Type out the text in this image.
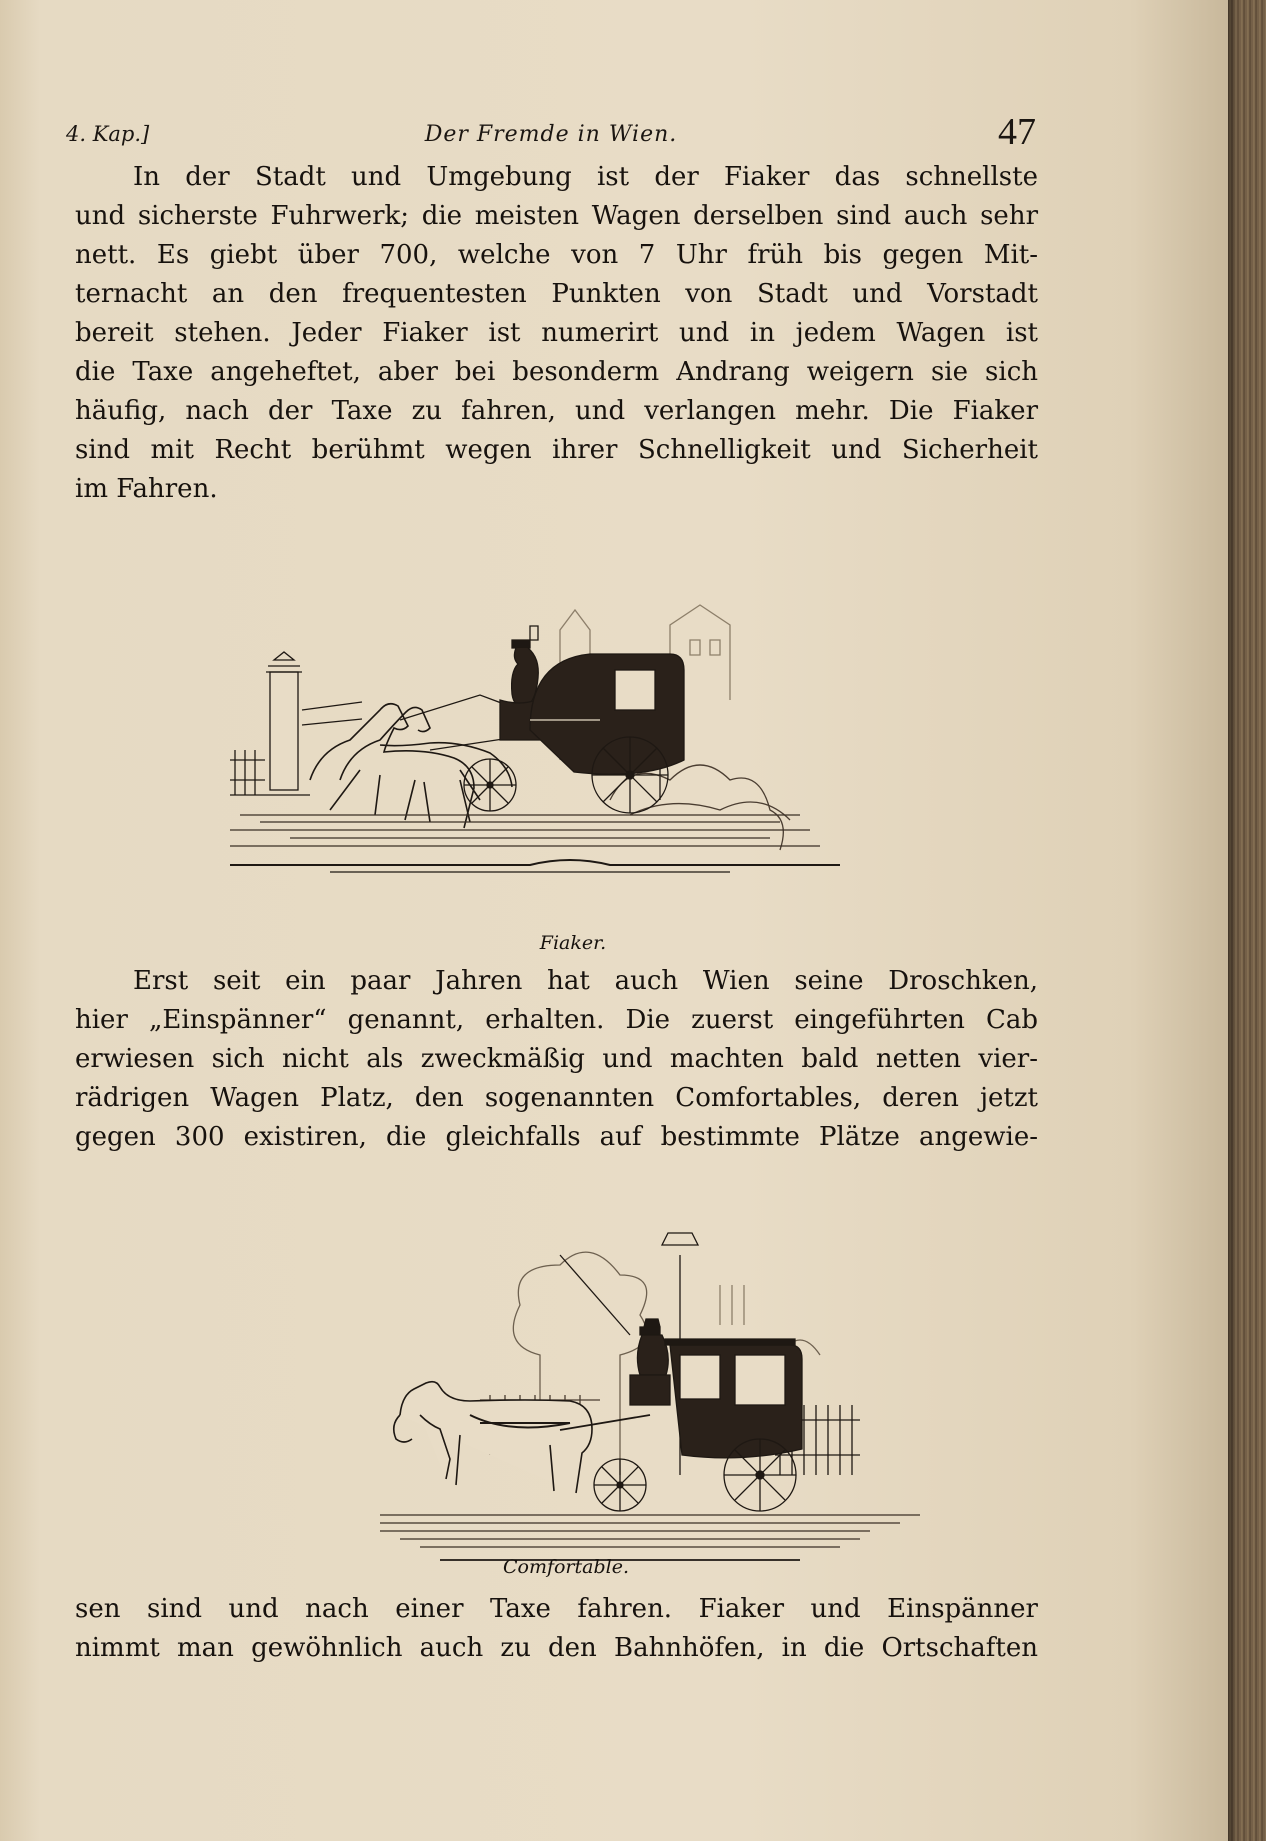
4. Kap.]	Der Fremde in Wien.	47
In der Stadt und Umgebung ist der Fiaker das schnellste
und sicherste Fuhrwerk; die meisten Wagen derselben sind auch sehr
nett. Es giebt über 700, welche von 7 Uhr früh bis gegen Mit-
ternacht an den frequentesten Punkten von Stadt und Vorstadt
bereit stehen. Jeder Fiaker ist numerirt und in jedem Wagen ist
die Taxe angeheftet, aber bei besonderm Andrang weigern sie sich
häufig, nach der Taxe zu fahren, und verlangen mehr. Die Fiaker
sind mit Recht berühmt wegen ihrer Schnelligkeit und Sicherheit
im Fahren.
Fiaker.
Erst seit ein paar Jahren hat auch Wien seine Droschken,
hier „Einspänner“ genannt, erhalten. Die zuerst eingeführten Cab
erwiesen sich nicht als zweckmäßig und machten bald netten vier-
rädrigen Wagen Platz, den sogenannten Comfortables, deren jetzt
gegen 300 existiren, die gleichfalls auf bestimmte Plätze angewie-
Comfortable.
sen sind und nach einer Taxe fahren. Fiaker und Einspänner
nimmt man gewöhnlich auch zu den Bahnhöfen, in die Ortschaften
